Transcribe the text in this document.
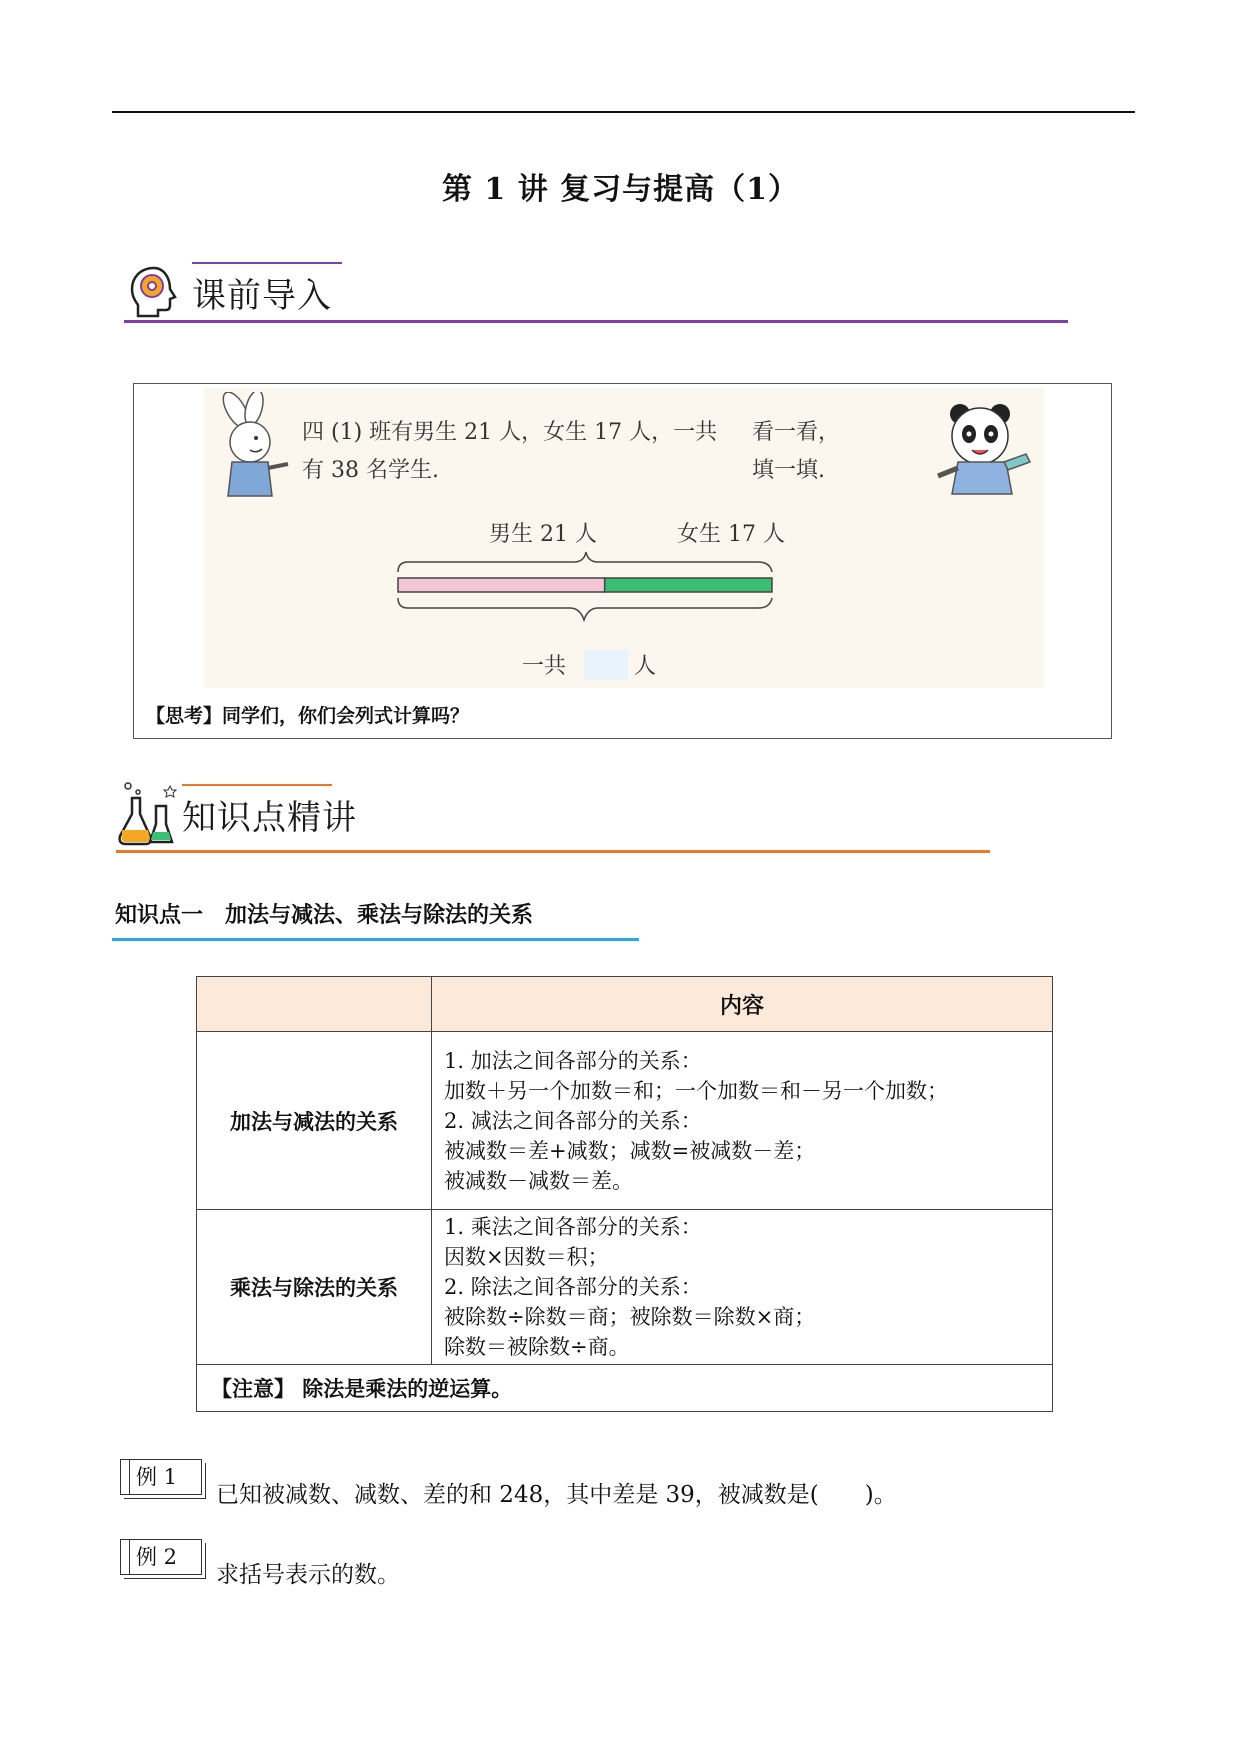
第 1 讲 复习与提高（1）
课前导入
四 (1) 班有男生 21 人，女生 17 人，一共
有 38 名学生.
看一看，
填一填.
男生 21 人	女生 17 人
一共	人
【思考】同学们，你们会列式计算吗？
知识点精讲
知识点一　加法与减法、乘法与除法的关系
	内容
加法与减法的关系	1. 加法之间各部分的关系：
加数＋另一个加数＝和；一个加数＝和－另一个加数；
2. 减法之间各部分的关系：
被减数＝差+减数；减数=被减数－差；
被减数－减数＝差。

乘法与除法的关系	1. 乘法之间各部分的关系：
因数×因数＝积；
2. 除法之间各部分的关系：
被除数÷除数＝商；被除数＝除数×商；
除数＝被除数÷商。

【注意】 除法是乘法的逆运算。	
例 1
已知被减数、减数、差的和 248，其中差是 39，被减数是(　　)。
例 2
求括号表示的数。
